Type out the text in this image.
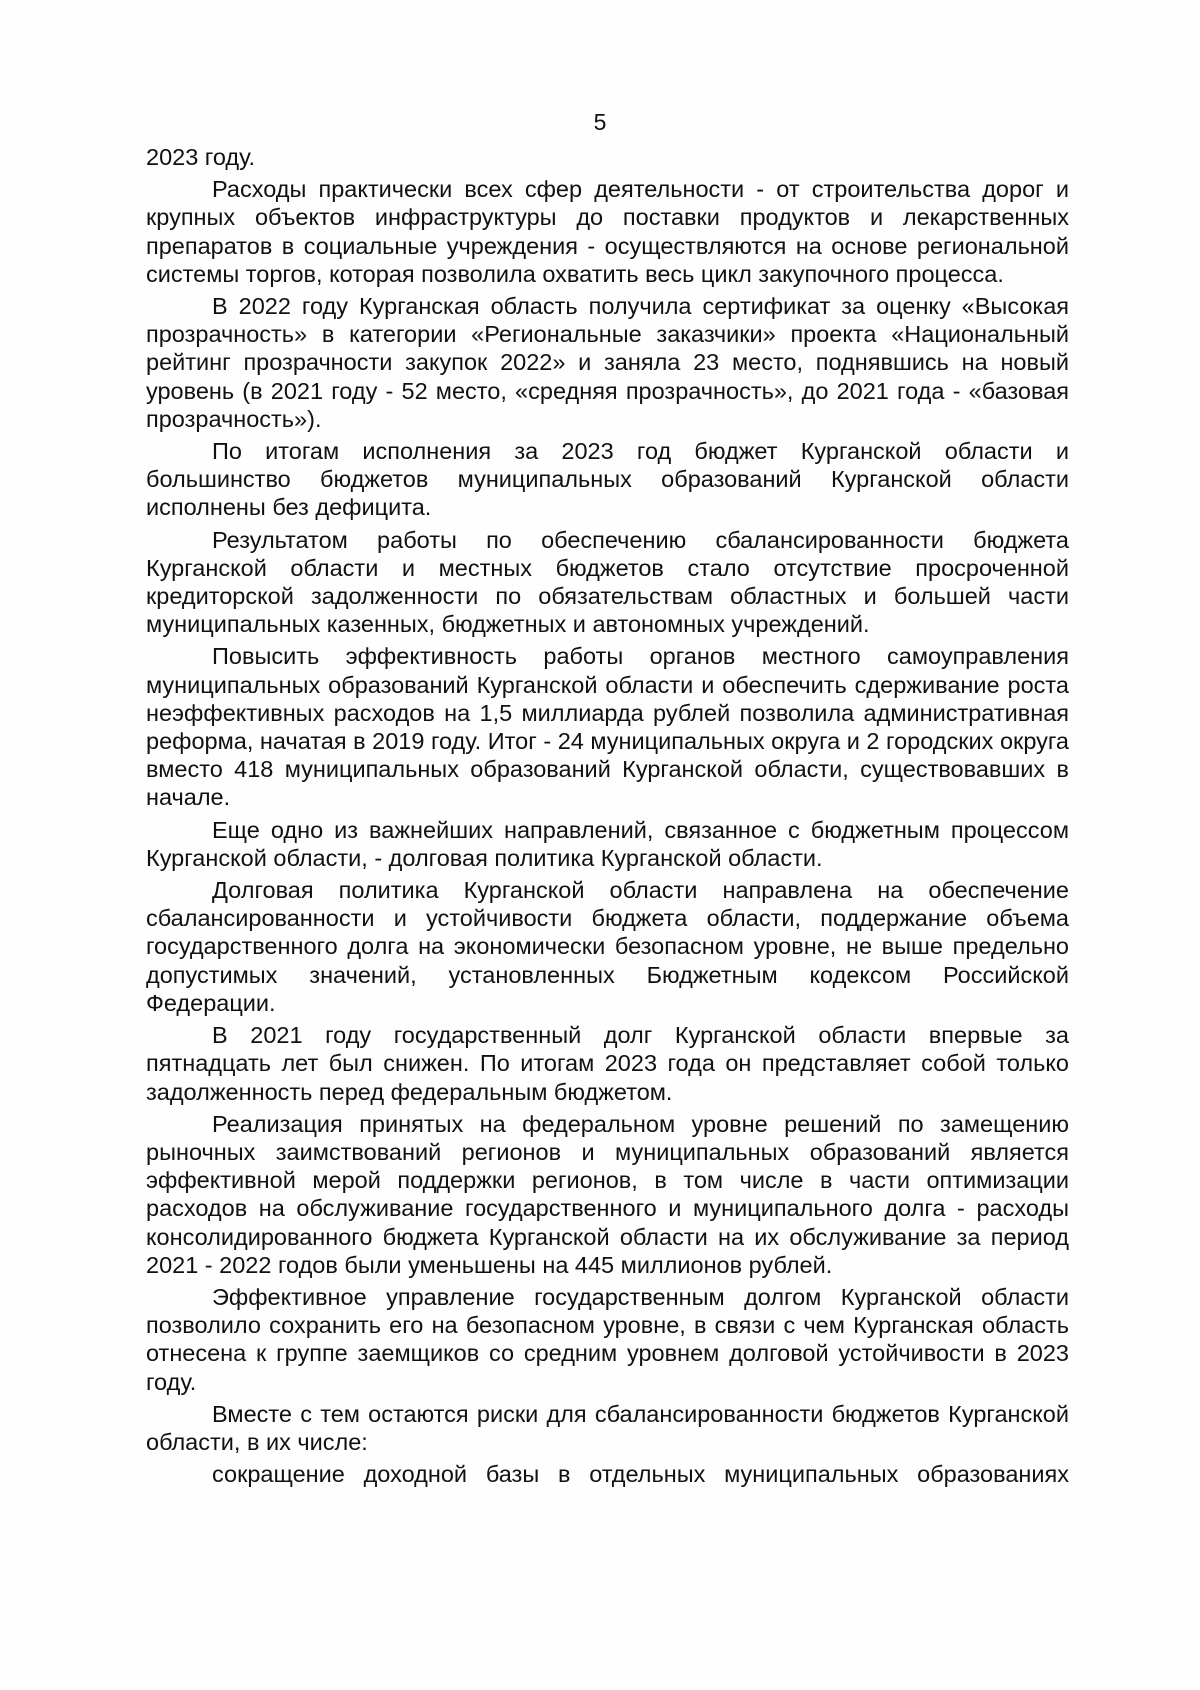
5

2023 году.

Расходы практически всех сфер деятельности - от строительства дорог и крупных объектов инфраструктуры до поставки продуктов и лекарственных препаратов в социальные учреждения - осуществляются на основе региональной системы торгов, которая позволила охватить весь цикл закупочного процесса.

В 2022 году Курганская область получила сертификат за оценку «Высокая прозрачность» в категории «Региональные заказчики» проекта «Национальный рейтинг прозрачности закупок 2022» и заняла 23 место, поднявшись на новый уровень (в 2021 году - 52 место, «средняя прозрачность», до 2021 года - «базовая прозрачность»).

По итогам исполнения за 2023 год бюджет Курганской области и большинство бюджетов муниципальных образований Курганской области исполнены без дефицита.

Результатом работы по обеспечению сбалансированности бюджета Курганской области и местных бюджетов стало отсутствие просроченной кредиторской задолженности по обязательствам областных и большей части муниципальных казенных, бюджетных и автономных учреждений.

Повысить эффективность работы органов местного самоуправления муниципальных образований Курганской области и обеспечить сдерживание роста неэффективных расходов на 1,5 миллиарда рублей позволила административная реформа, начатая в 2019 году. Итог - 24 муниципальных округа и 2 городских округа вместо 418 муниципальных образований Курганской области, существовавших в начале.

Еще одно из важнейших направлений, связанное с бюджетным процессом Курганской области, - долговая политика Курганской области.

Долговая политика Курганской области направлена на обеспечение сбалансированности и устойчивости бюджета области, поддержание объема государственного долга на экономически безопасном уровне, не выше предельно допустимых значений, установленных Бюджетным кодексом Российской Федерации.

В 2021 году государственный долг Курганской области впервые за пятнадцать лет был снижен. По итогам 2023 года он представляет собой только задолженность перед федеральным бюджетом.

Реализация принятых на федеральном уровне решений по замещению рыночных заимствований регионов и муниципальных образований является эффективной мерой поддержки регионов, в том числе в части оптимизации расходов на обслуживание государственного и муниципального долга - расходы консолидированного бюджета Курганской области на их обслуживание за период 2021 - 2022 годов были уменьшены на 445 миллионов рублей.

Эффективное управление государственным долгом Курганской области позволило сохранить его на безопасном уровне, в связи с чем Курганская область отнесена к группе заемщиков со средним уровнем долговой устойчивости в 2023 году.

Вместе с тем остаются риски для сбалансированности бюджетов Курганской области, в их числе:

сокращение доходной базы в отдельных муниципальных образованиях
